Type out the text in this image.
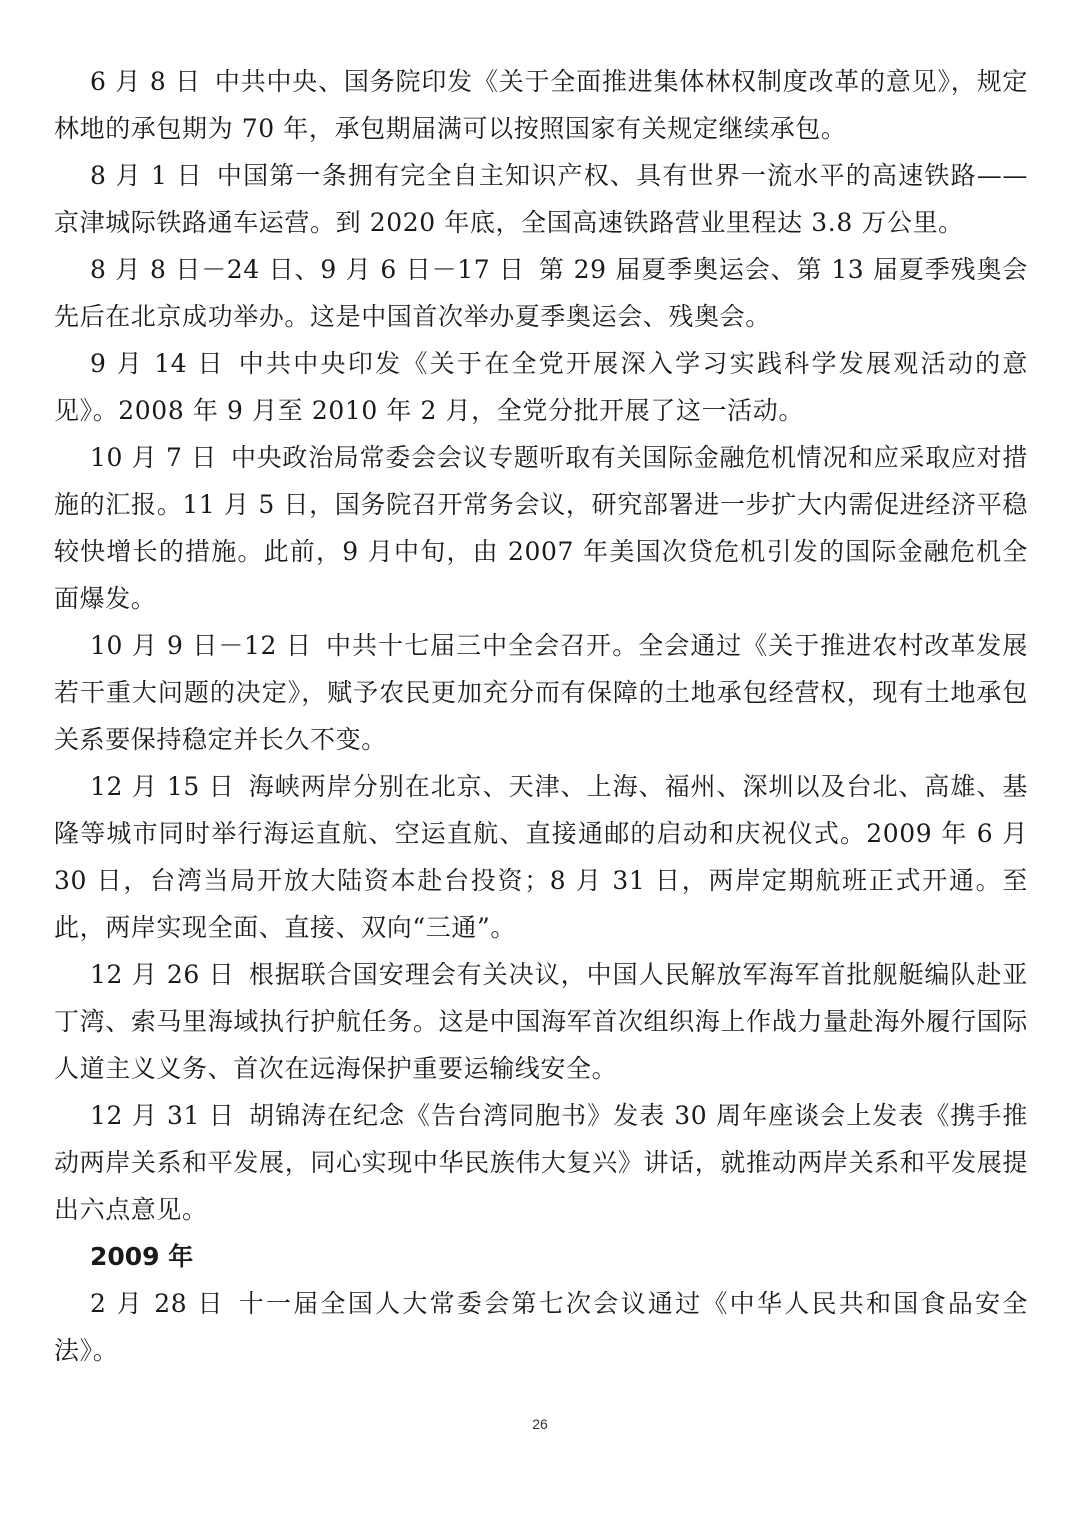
6 月 8 日 中共中央、国务院印发《关于全面推进集体林权制度改革的意见》，规定林地的承包期为 70 年，承包期届满可以按照国家有关规定继续承包。

8 月 1 日 中国第一条拥有完全自主知识产权、具有世界一流水平的高速铁路——京津城际铁路通车运营。到 2020 年底，全国高速铁路营业里程达 3.8 万公里。

8 月 8 日－24 日、9 月 6 日－17 日 第 29 届夏季奥运会、第 13 届夏季残奥会先后在北京成功举办。这是中国首次举办夏季奥运会、残奥会。

9 月 14 日 中共中央印发《关于在全党开展深入学习实践科学发展观活动的意见》。2008 年 9 月至 2010 年 2 月，全党分批开展了这一活动。

10 月 7 日 中央政治局常委会会议专题听取有关国际金融危机情况和应采取应对措施的汇报。11 月 5 日，国务院召开常务会议，研究部署进一步扩大内需促进经济平稳较快增长的措施。此前，9 月中旬，由 2007 年美国次贷危机引发的国际金融危机全面爆发。

10 月 9 日－12 日 中共十七届三中全会召开。全会通过《关于推进农村改革发展若干重大问题的决定》，赋予农民更加充分而有保障的土地承包经营权，现有土地承包关系要保持稳定并长久不变。

12 月 15 日 海峡两岸分别在北京、天津、上海、福州、深圳以及台北、高雄、基隆等城市同时举行海运直航、空运直航、直接通邮的启动和庆祝仪式。2009 年 6 月 30 日，台湾当局开放大陆资本赴台投资；8 月 31 日，两岸定期航班正式开通。至此，两岸实现全面、直接、双向“三通”。

12 月 26 日 根据联合国安理会有关决议，中国人民解放军海军首批舰艇编队赴亚丁湾、索马里海域执行护航任务。这是中国海军首次组织海上作战力量赴海外履行国际人道主义义务、首次在远海保护重要运输线安全。

12 月 31 日 胡锦涛在纪念《告台湾同胞书》发表 30 周年座谈会上发表《携手推动两岸关系和平发展，同心实现中华民族伟大复兴》讲话，就推动两岸关系和平发展提出六点意见。

2009 年

2 月 28 日 十一届全国人大常委会第七次会议通过《中华人民共和国食品安全法》。

26
